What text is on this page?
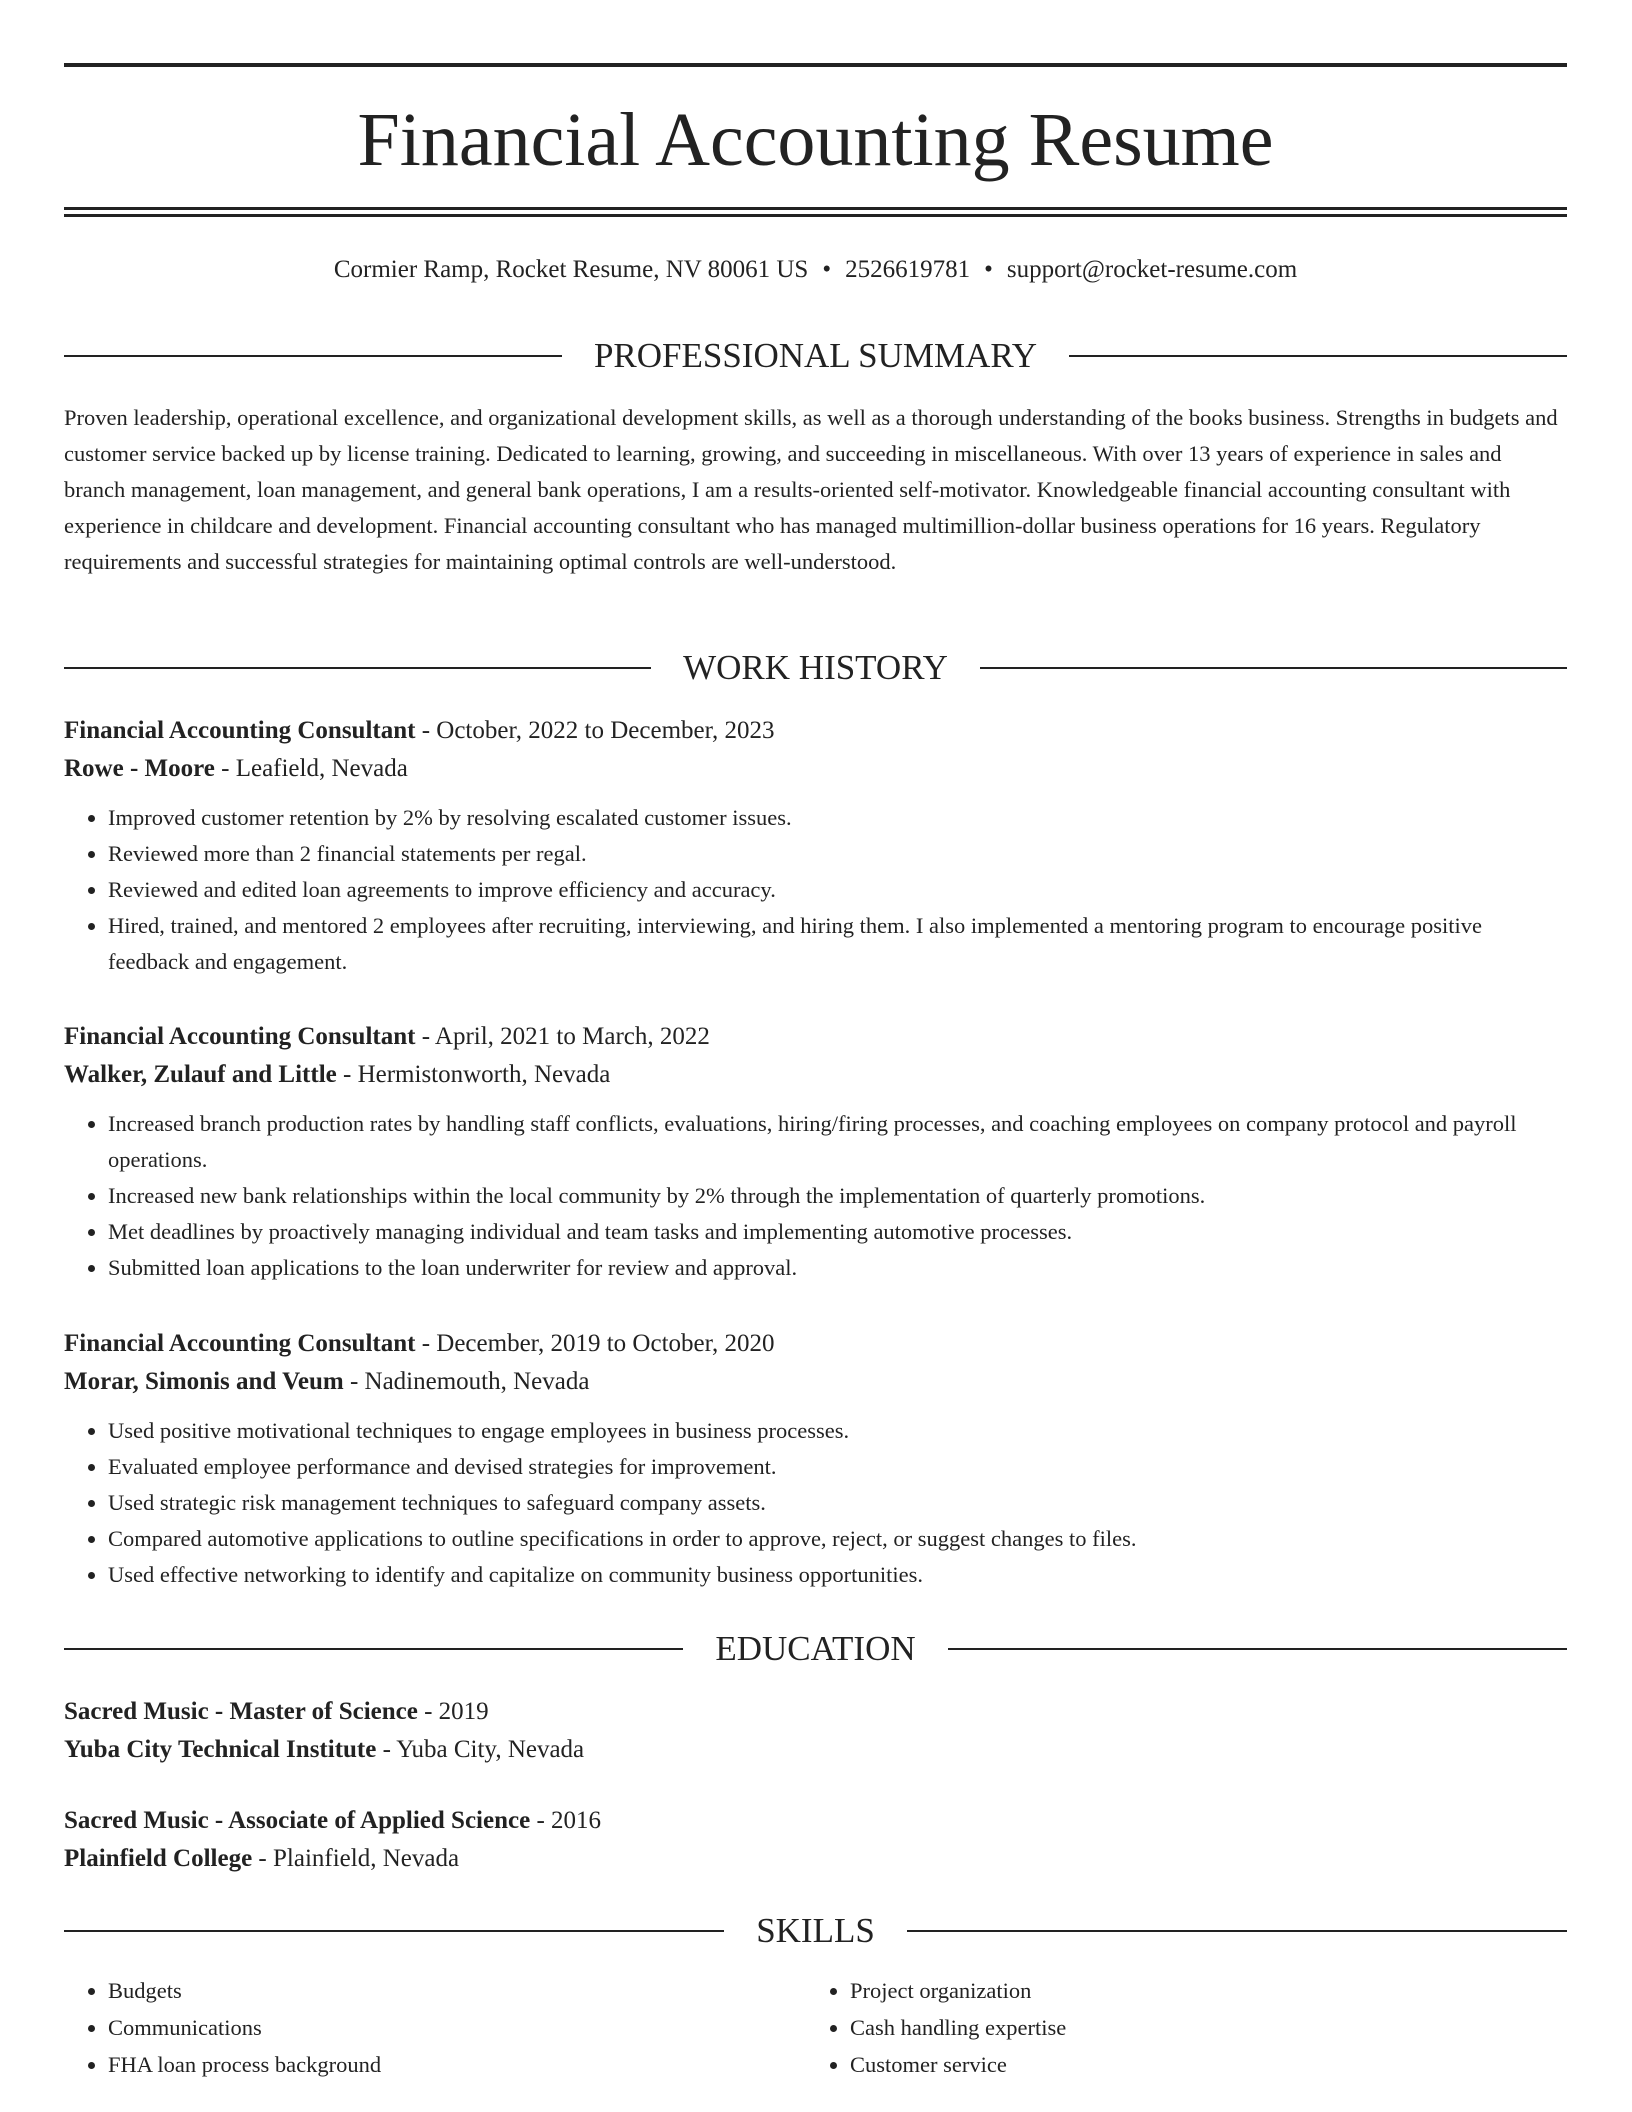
Financial Accounting Resume
Cormier Ramp, Rocket Resume, NV 80061 US • 2526619781 • support@rocket-resume.com
PROFESSIONAL SUMMARY

Proven leadership, operational excellence, and organizational development skills, as well as a thorough understanding of the books business. Strengths in budgets and customer service backed up by license training. Dedicated to learning, growing, and succeeding in miscellaneous. With over 13 years of experience in sales and branch management, loan management, and general bank operations, I am a results-oriented self-motivator. Knowledgeable financial accounting consultant with experience in childcare and development. Financial accounting consultant who has managed multimillion-dollar business operations for 16 years. Regulatory requirements and successful strategies for maintaining optimal controls are well-understood.

WORK HISTORY
Financial Accounting Consultant - October, 2022 to December, 2023
Rowe - Moore - Leafield, Nevada
• Improved customer retention by 2% by resolving escalated customer issues.
• Reviewed more than 2 financial statements per regal.
• Reviewed and edited loan agreements to improve efficiency and accuracy.
• Hired, trained, and mentored 2 employees after recruiting, interviewing, and hiring them. I also implemented a mentoring program to encourage positive feedback and engagement.
Financial Accounting Consultant - April, 2021 to March, 2022
Walker, Zulauf and Little - Hermistonworth, Nevada
• Increased branch production rates by handling staff conflicts, evaluations, hiring/firing processes, and coaching employees on company protocol and payroll operations.
• Increased new bank relationships within the local community by 2% through the implementation of quarterly promotions.
• Met deadlines by proactively managing individual and team tasks and implementing automotive processes.
• Submitted loan applications to the loan underwriter for review and approval.
Financial Accounting Consultant - December, 2019 to October, 2020
Morar, Simonis and Veum - Nadinemouth, Nevada
• Used positive motivational techniques to engage employees in business processes.
• Evaluated employee performance and devised strategies for improvement.
• Used strategic risk management techniques to safeguard company assets.
• Compared automotive applications to outline specifications in order to approve, reject, or suggest changes to files.
• Used effective networking to identify and capitalize on community business opportunities.
EDUCATION
Sacred Music - Master of Science - 2019
Yuba City Technical Institute - Yuba City, Nevada
Sacred Music - Associate of Applied Science - 2016
Plainfield College - Plainfield, Nevada
SKILLS
• Budgets
• Communications
• FHA loan process background
• Project organization
• Cash handling expertise
• Customer service
